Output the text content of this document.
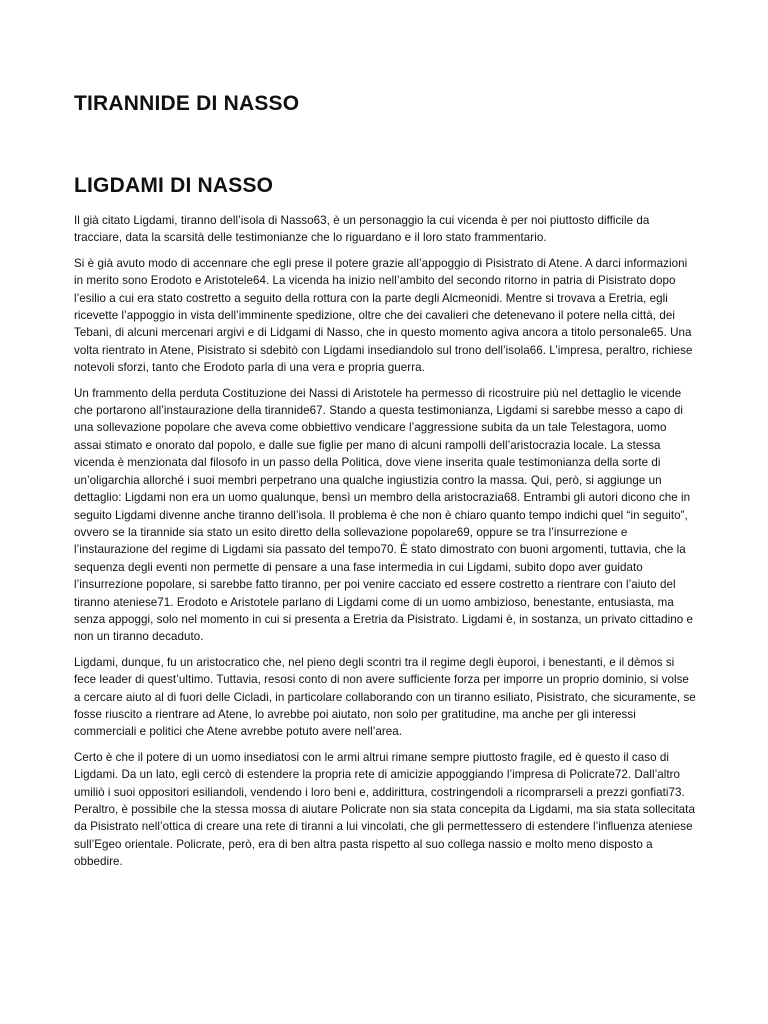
TIRANNIDE DI NASSO
LIGDAMI DI NASSO

Il già citato Ligdami, tiranno dell’isola di Nasso63, è un personaggio la cui vicenda è per noi piuttosto difficile da tracciare, data la scarsità delle testimonianze che lo riguardano e il loro stato frammentario.

Si è già avuto modo di accennare che egli prese il potere grazie all’appoggio di Pisistrato di Atene. A darci informazioni in merito sono Erodoto e Aristotele64. La vicenda ha inizio nell’ambito del secondo ritorno in patria di Pisistrato dopo l’esilio a cui era stato costretto a seguito della rottura con la parte degli Alcmeonidi. Mentre si trovava a Eretria, egli ricevette l’appoggio in vista dell’imminente spedizione, oltre che dei cavalieri che detenevano il potere nella città, dei Tebani, di alcuni mercenari argivi e di Lidgami di Nasso, che in questo momento agiva ancora a titolo personale65. Una volta rientrato in Atene, Pisistrato si sdebitò con Ligdami insediandolo sul trono dell’isola66. L’impresa, peraltro, richiese notevoli sforzi, tanto che Erodoto parla di una vera e propria guerra.

Un frammento della perduta Costituzione dei Nassi di Aristotele ha permesso di ricostruire più nel dettaglio le vicende che portarono all’instaurazione della tirannide67. Stando a questa testimonianza, Ligdami si sarebbe messo a capo di una sollevazione popolare che aveva come obbiettivo vendicare l’aggressione subita da un tale Telestagora, uomo assai stimato e onorato dal popolo, e dalle sue figlie per mano di alcuni rampolli dell’aristocrazia locale. La stessa vicenda è menzionata dal filosofo in un passo della Politica, dove viene inserita quale testimonianza della sorte di un’oligarchia allorché i suoi membri perpetrano una qualche ingiustizia contro la massa. Qui, però, si aggiunge un dettaglio: Ligdami non era un uomo qualunque, bensì un membro della aristocrazia68. Entrambi gli autori dicono che in seguito Ligdami divenne anche tiranno dell’isola. Il problema è che non è chiaro quanto tempo indichi quel “in seguito”, ovvero se la tirannide sia stato un esito diretto della sollevazione popolare69, oppure se tra l’insurrezione e l’instaurazione del regime di Ligdami sia passato del tempo70. È stato dimostrato con buoni argomenti, tuttavia, che la sequenza degli eventi non permette di pensare a una fase intermedia in cui Ligdami, subito dopo aver guidato l’insurrezione popolare, si sarebbe fatto tiranno, per poi venire cacciato ed essere costretto a rientrare con l’aiuto del tiranno ateniese71. Erodoto e Aristotele parlano di Ligdami come di un uomo ambizioso, benestante, entusiasta, ma senza appoggi, solo nel momento in cui si presenta a Eretria da Pisistrato. Ligdami è, in sostanza, un privato cittadino e non un tiranno decaduto.

Ligdami, dunque, fu un aristocratico che, nel pieno degli scontri tra il regime degli èuporoi, i benestanti, e il dèmos si fece leader di quest’ultimo. Tuttavia, resosi conto di non avere sufficiente forza per imporre un proprio dominio, si volse a cercare aiuto al di fuori delle Cicladi, in particolare collaborando con un tiranno esiliato, Pisistrato, che sicuramente, se fosse riuscito a rientrare ad Atene, lo avrebbe poi aiutato, non solo per gratitudine, ma anche per gli interessi commerciali e politici che Atene avrebbe potuto avere nell’area.

Certo è che il potere di un uomo insediatosi con le armi altrui rimane sempre piuttosto fragile, ed è questo il caso di Ligdami. Da un lato, egli cercò di estendere la propria rete di amicizie appoggiando l’impresa di Policrate72. Dall’altro umiliò i suoi oppositori esiliandoli, vendendo i loro beni e, addirittura, costringendoli a ricomprarseli a prezzi gonfiati73. Peraltro, è possibile che la stessa mossa di aiutare Policrate non sia stata concepita da Ligdami, ma sia stata sollecitata da Pisistrato nell’ottica di creare una rete di tiranni a lui vincolati, che gli permettessero di estendere l’influenza ateniese sull’Egeo orientale. Policrate, però, era di ben altra pasta rispetto al suo collega nassio e molto meno disposto a obbedire.
